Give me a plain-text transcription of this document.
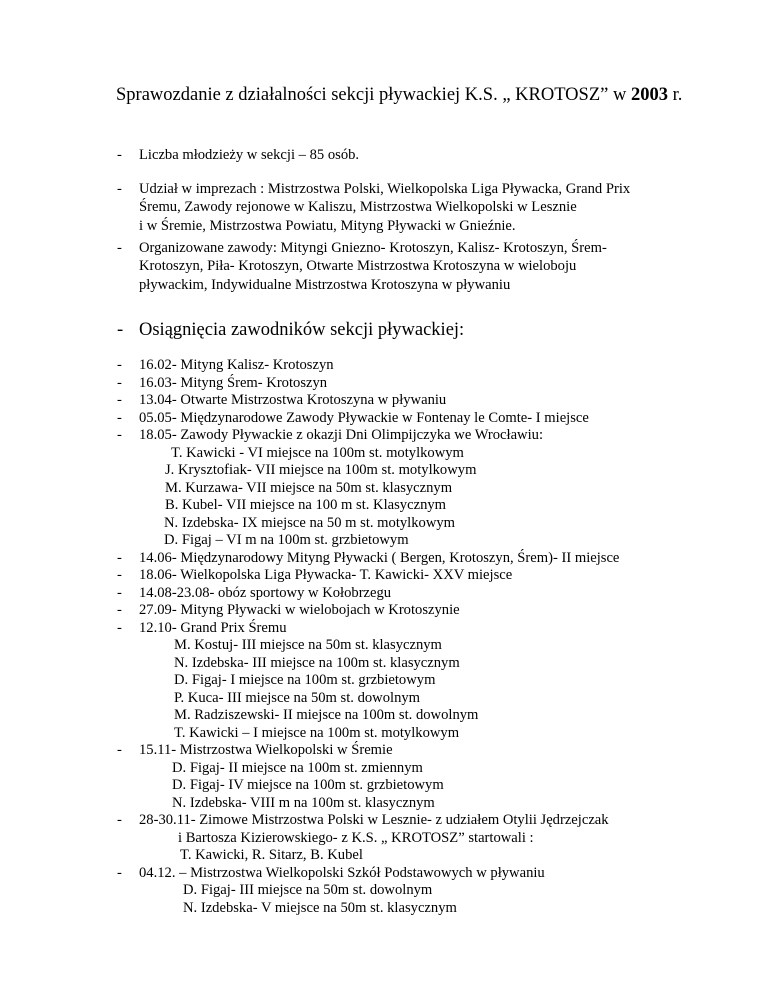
Sprawozdanie z działalności sekcji pływackiej K.S. „ KROTOSZ” w 2003 r.
- Liczba młodzieży w sekcji – 85 osób.
- Udział w imprezach : Mistrzostwa Polski, Wielkopolska Liga Pływacka, Grand Prix
Śremu, Zawody rejonowe w Kaliszu, Mistrzostwa Wielkopolski w Lesznie
i w Śremie, Mistrzostwa Powiatu, Mityng Pływacki w Gnieźnie.
- Organizowane zawody: Mityngi Gniezno- Krotoszyn, Kalisz- Krotoszyn, Śrem-
Krotoszyn, Piła- Krotoszyn, Otwarte Mistrzostwa Krotoszyna w wieloboju
pływackim, Indywidualne Mistrzostwa Krotoszyna w pływaniu
- Osiągnięcia zawodników sekcji pływackiej:
- 16.02- Mityng Kalisz- Krotoszyn
- 16.03- Mityng Śrem- Krotoszyn
- 13.04- Otwarte Mistrzostwa Krotoszyna w pływaniu
- 05.05- Międzynarodowe Zawody Pływackie w Fontenay le Comte- I miejsce
- 18.05- Zawody Pływackie z okazji Dni Olimpijczyka we Wrocławiu:
T. Kawicki - VI miejsce na 100m st. motylkowym
J. Krysztofiak- VII miejsce na 100m st. motylkowym
M. Kurzawa- VII miejsce na 50m st. klasycznym
B. Kubel- VII miejsce na 100 m st. Klasycznym
N. Izdebska- IX miejsce na 50 m st. motylkowym
D. Figaj – VI m na 100m st. grzbietowym
- 14.06- Międzynarodowy Mityng Pływacki ( Bergen, Krotoszyn, Śrem)- II miejsce
- 18.06- Wielkopolska Liga Pływacka- T. Kawicki- XXV miejsce
- 14.08-23.08- obóz sportowy w Kołobrzegu
- 27.09- Mityng Pływacki w wielobojach w Krotoszynie
- 12.10- Grand Prix Śremu
M. Kostuj- III miejsce na 50m st. klasycznym
N. Izdebska- III miejsce na 100m st. klasycznym
D. Figaj- I miejsce na 100m st. grzbietowym
P. Kuca- III miejsce na 50m st. dowolnym
M. Radziszewski- II miejsce na 100m st. dowolnym
T. Kawicki – I miejsce na 100m st. motylkowym
- 15.11- Mistrzostwa Wielkopolski w Śremie
D. Figaj- II miejsce na 100m st. zmiennym
D. Figaj- IV miejsce na 100m st. grzbietowym
N. Izdebska- VIII m na 100m st. klasycznym
- 28-30.11- Zimowe Mistrzostwa Polski w Lesznie- z udziałem Otylii Jędrzejczak
i Bartosza Kizierowskiego- z K.S. „ KROTOSZ” startowali :
T. Kawicki, R. Sitarz, B. Kubel
- 04.12. – Mistrzostwa Wielkopolski Szkół Podstawowych w pływaniu
D. Figaj- III miejsce na 50m st. dowolnym
N. Izdebska- V miejsce na 50m st. klasycznym
